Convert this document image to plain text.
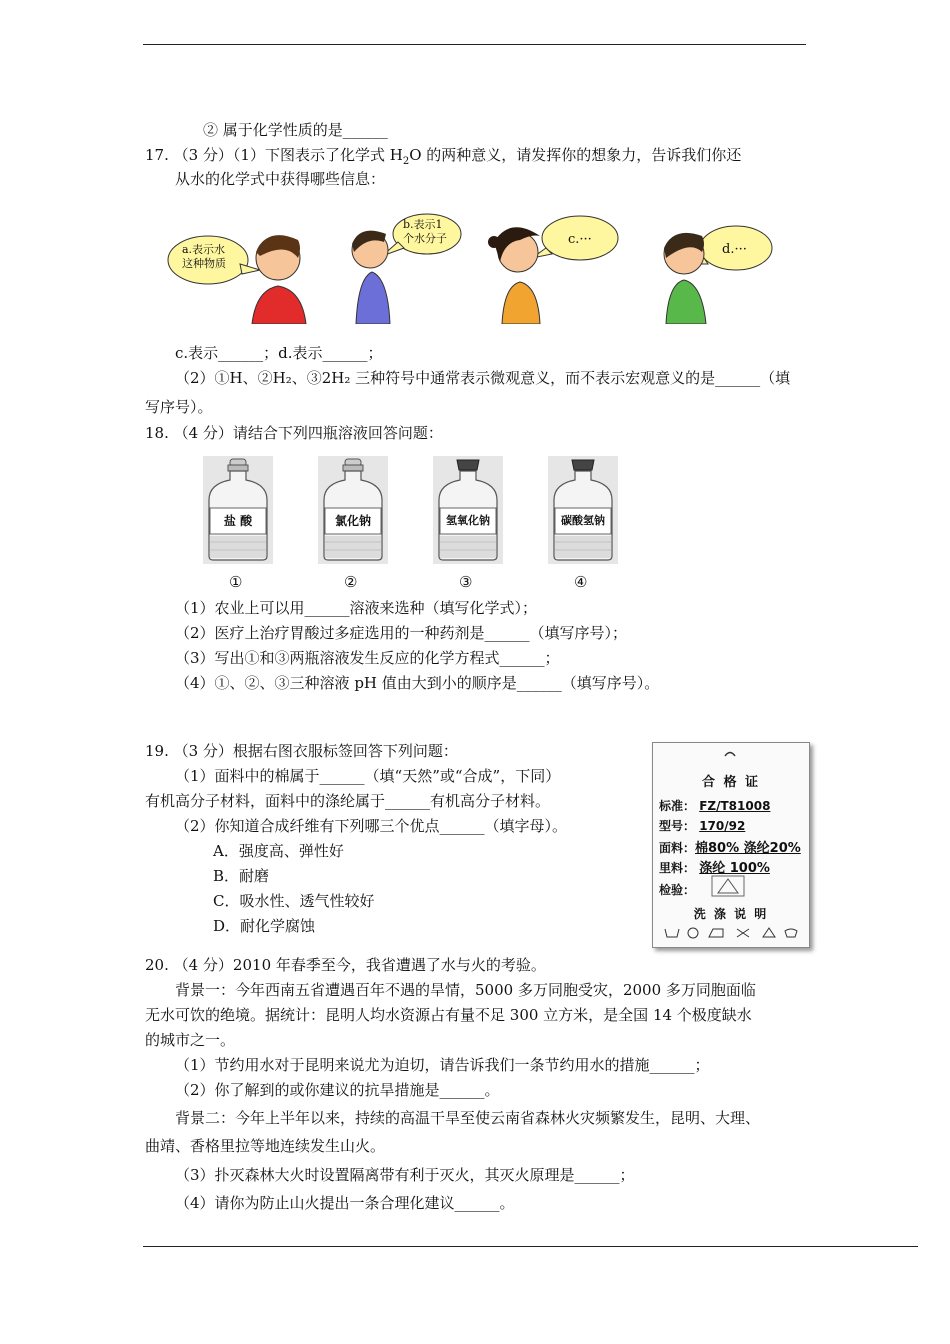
② 属于化学性质的是______
17. （3 分）（1）下图表示了化学式 $H_2O$ 的两种意义，请发挥你的想象力，告诉我们你还
从水的化学式中获得哪些信息：
a.表示水
这种物质
b.表示1
个水分子	c.···
d.···
c.表示______；d.表示______；
（2）①H、②H₂、③2H₂ 三种符号中通常表示微观意义，而不表示宏观意义的是______（填
写序号）。
18. （4 分）请结合下列四瓶溶液回答问题：
盐 酸
①
氯化钠
②
氢氧化钠
③
碳酸氢钠
④
（1）农业上可以用______溶液来选种（填写化学式）；
（2）医疗上治疗胃酸过多症选用的一种药剂是______（填写序号）；
（3）写出①和③两瓶溶液发生反应的化学方程式______；
（4）①、②、③三种溶液 pH 值由大到小的顺序是______（填写序号）。
19. （3 分）根据右图衣服标签回答下列问题：
（1）面料中的棉属于______（填“天然”或“合成”，下同）
有机高分子材料，面料中的涤纶属于______有机高分子材料。
（2）你知道合成纤维有下列哪三个优点______（填字母）。
A．强度高、弹性好
B．耐磨
C．吸水性、透气性较好
D．耐化学腐蚀
合 格 证
标准： FZ/T81008
型号： 170/92
面料：棉80% 涤纶20%
里料： 涤纶 100%
检验：
洗 涤 说 明
20. （4 分）2010 年春季至今，我省遭遇了水与火的考验。
背景一：今年西南五省遭遇百年不遇的旱情，5000 多万同胞受灾，2000 多万同胞面临
无水可饮的绝境。据统计：昆明人均水资源占有量不足 300 立方米，是全国 14 个极度缺水
的城市之一。
（1）节约用水对于昆明来说尤为迫切，请告诉我们一条节约用水的措施______；
（2）你了解到的或你建议的抗旱措施是______。
背景二：今年上半年以来，持续的高温干旱至使云南省森林火灾频繁发生，昆明、大理、
曲靖、香格里拉等地连续发生山火。
（3）扑灭森林大火时设置隔离带有利于灭火，其灭火原理是______；
（4）请你为防止山火提出一条合理化建议______。
